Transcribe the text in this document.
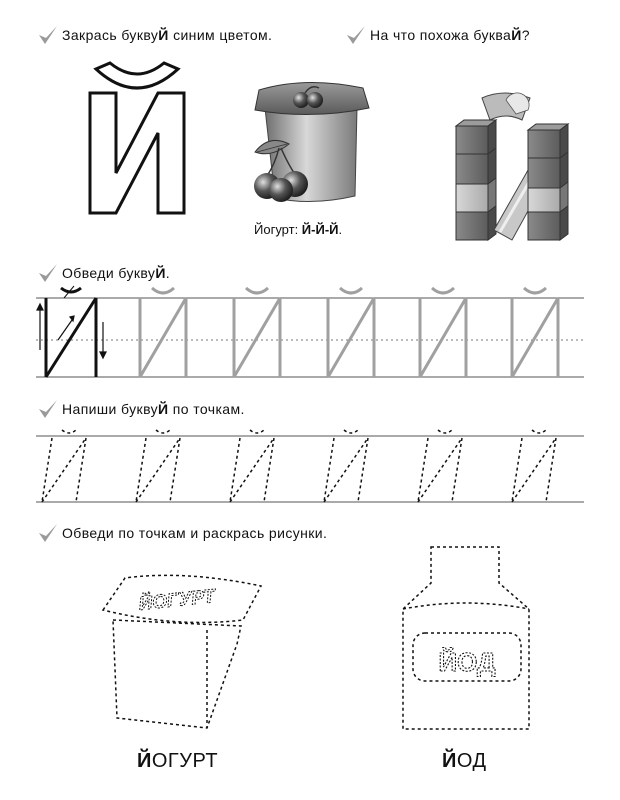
Закрась букву Й
синим цветом.	На что похожа буква Й ?
Йогурт: Й-Й-Й.
Обведи букву Й .
Напиши букву Й
по точкам.
Обведи по точкам и раскрась рисунки.
ЙОГУРТ
ЙОД
ЙОГУРТ	ЙОД
